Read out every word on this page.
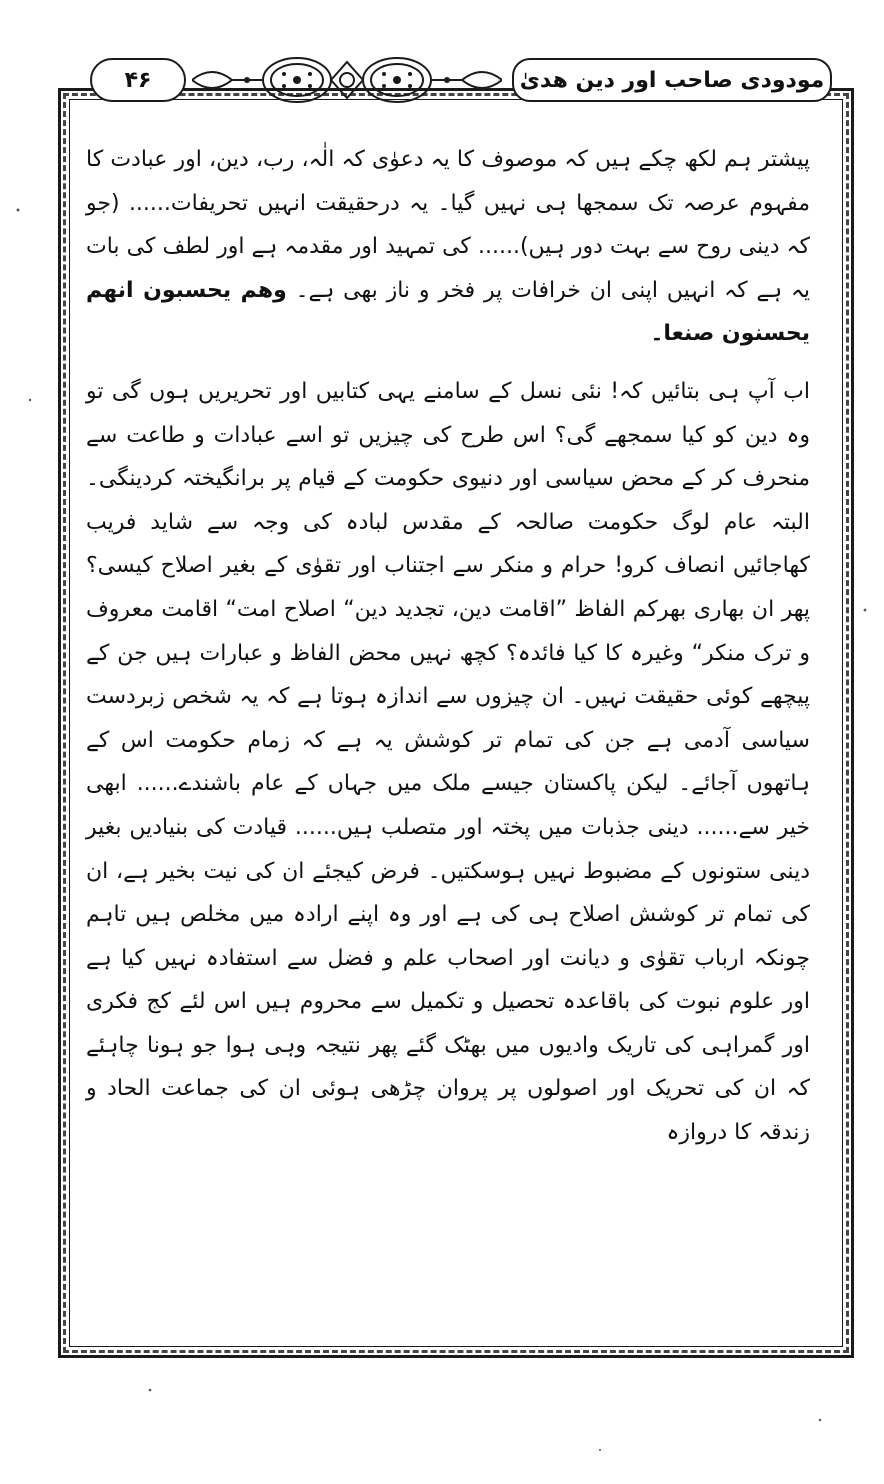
۴۶	مودودی صاحب اور دین ھدیٰ

پیشتر ہم لکھ چکے ہیں کہ موصوف کا یہ دعوٰی کہ الٰہ، رب، دین، اور عبادت کا مفہوم عرصہ تک سمجھا ہی نہیں گیا۔ یہ درحقیقت انہیں تحریفات...... (جو کہ دینی روح سے بہت دور ہیں)...... کی تمہید اور مقدمہ ہے اور لطف کی بات یہ ہے کہ انہیں اپنی ان خرافات پر فخر و ناز بھی ہے۔ وھم یحسبون انھم یحسنون صنعا۔

اب آپ ہی بتائیں کہ! نئی نسل کے سامنے یہی کتابیں اور تحریریں ہوں گی تو وہ دین کو کیا سمجھے گی؟ اس طرح کی چیزیں تو اسے عبادات و طاعت سے منحرف کر کے محض سیاسی اور دنیوی حکومت کے قیام پر برانگیختہ کردینگی۔ البتہ عام لوگ حکومت صالحہ کے مقدس لبادہ کی وجہ سے شاید فریب کھاجائیں انصاف کرو! حرام و منکر سے اجتناب اور تقوٰی کے بغیر اصلاح کیسی؟ پھر ان بھاری بھرکم الفاظ ”اقامت دین، تجدید دین“ اصلاح امت“ اقامت معروف و ترک منکر“ وغیرہ کا کیا فائدہ؟ کچھ نہیں محض الفاظ و عبارات ہیں جن کے پیچھے کوئی حقیقت نہیں۔ ان چیزوں سے اندازہ ہوتا ہے کہ یہ شخص زبردست سیاسی آدمی ہے جن کی تمام تر کوشش یہ ہے کہ زمام حکومت اس کے ہاتھوں آجائے۔ لیکن پاکستان جیسے ملک میں جہاں کے عام باشندے...... ابھی خیر سے...... دینی جذبات میں پختہ اور متصلب ہیں...... قیادت کی بنیادیں بغیر دینی ستونوں کے مضبوط نہیں ہوسکتیں۔ فرض کیجئے ان کی نیت بخیر ہے، ان کی تمام تر کوشش اصلاح ہی کی ہے اور وہ اپنے ارادہ میں مخلص ہیں تاہم چونکہ ارباب تقوٰی و دیانت اور اصحاب علم و فضل سے استفادہ نہیں کیا ہے اور علوم نبوت کی باقاعدہ تحصیل و تکمیل سے محروم ہیں اس لئے کج فکری اور گمراہی کی تاریک وادیوں میں بھٹک گئے پھر نتیجہ وہی ہوا جو ہونا چاہئے کہ ان کی تحریک اور اصولوں پر پروان چڑھی ہوئی ان کی جماعت الحاد و زندقہ کا دروازہ
